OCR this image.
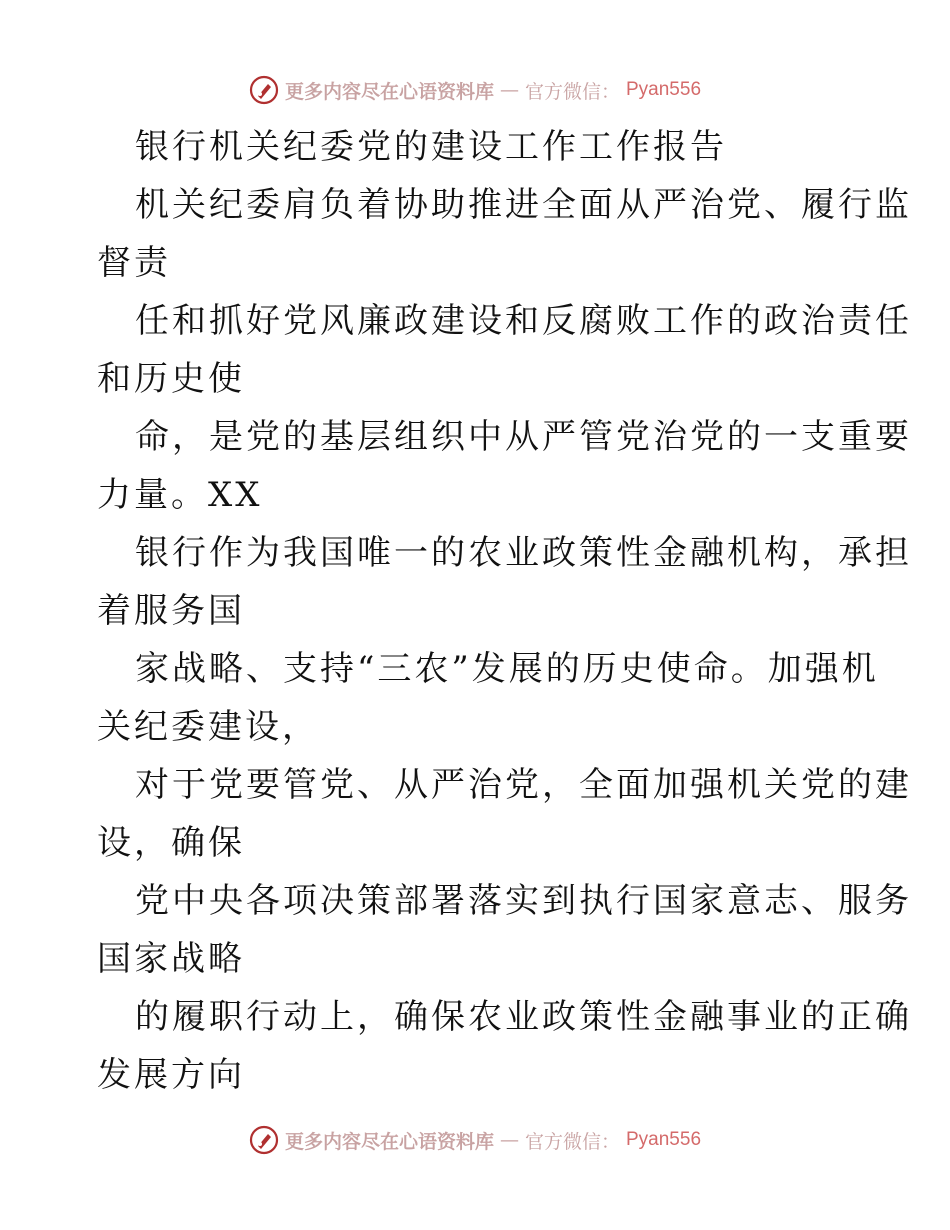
更多内容尽在心语资料库 — 官方微信： Pyan556
银行机关纪委党的建设工作工作报告
机关纪委肩负着协助推进全面从严治党、履行监
督责
任和抓好党风廉政建设和反腐败工作的政治责任
和历史使
命，是党的基层组织中从严管党治党的一支重要
力量。XX
银行作为我国唯一的农业政策性金融机构，承担
着服务国
家战略、支持“三农”发展的历史使命。加强机
关纪委建设，
对于党要管党、从严治党，全面加强机关党的建
设，确保
党中央各项决策部署落实到执行国家意志、服务
国家战略
的履职行动上，确保农业政策性金融事业的正确
发展方向
更多内容尽在心语资料库 — 官方微信： Pyan556
